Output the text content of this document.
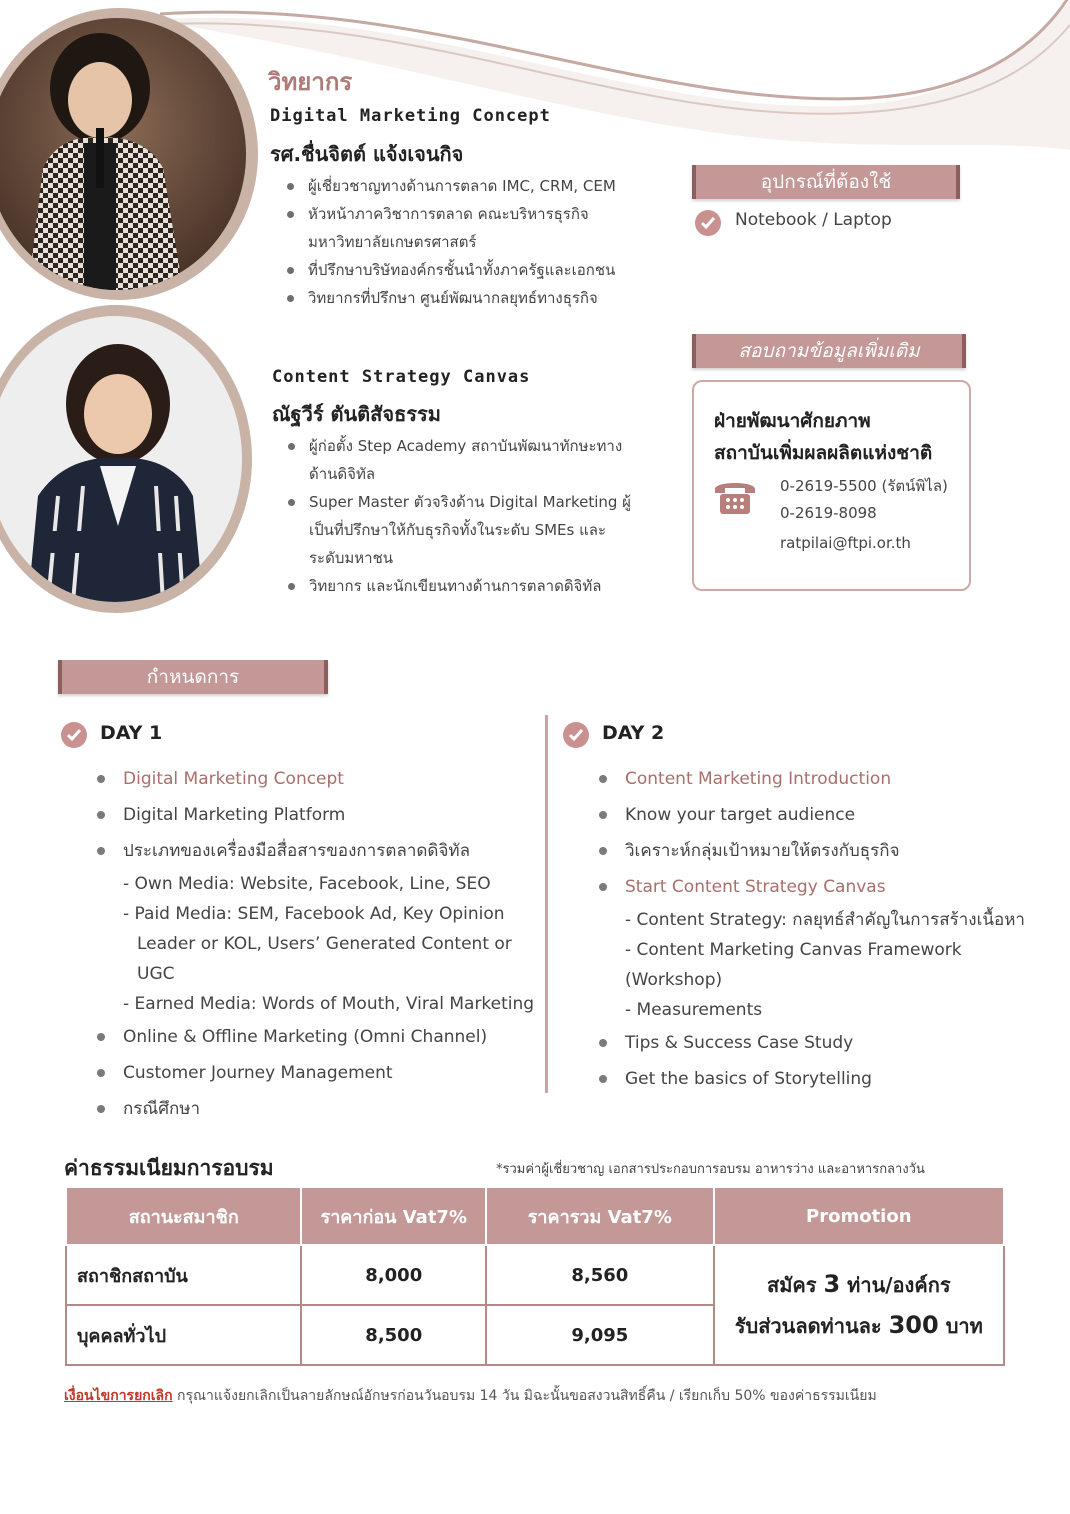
วิทยากร
Digital Marketing Concept
รศ.ชื่นจิตต์ แจ้งเจนกิจ
ผู้เชี่ยวชาญทางด้านการตลาด IMC, CRM, CEM
หัวหน้าภาควิชาการตลาด คณะบริหารธุรกิจ มหาวิทยาลัยเกษตรศาสตร์
ที่ปรึกษาบริษัทองค์กรชั้นนำทั้งภาครัฐและเอกชน
วิทยากรที่ปรึกษา ศูนย์พัฒนากลยุทธ์ทางธุรกิจ
Content Strategy Canvas
ณัฐวีร์ ตันติสัจธรรม
ผู้ก่อตั้ง Step Academy สถาบันพัฒนาทักษะทางด้านดิจิทัล
Super Master ตัวจริงด้าน Digital Marketing ผู้เป็นที่ปรึกษาให้กับธุรกิจทั้งในระดับ SMEs และระดับมหาชน
วิทยากร และนักเขียนทางด้านการตลาดดิจิทัล
อุปกรณ์ที่ต้องใช้
Notebook / Laptop
สอบถามข้อมูลเพิ่มเติม
ฝ่ายพัฒนาศักยภาพ
สถาบันเพิ่มผลผลิตแห่งชาติ
0-2619-5500 (รัตน์พิไล)
0-2619-8098
ratpilai@ftpi.or.th
กำหนดการ
DAY 1
Digital Marketing Concept
Digital Marketing Platform
ประเภทของเครื่องมือสื่อสารของการตลาดดิจิทัล
- Own Media: Website, Facebook, Line, SEO
- Paid Media: SEM, Facebook Ad, Key Opinion
Leader or KOL, Users’ Generated Content or UGC
- Earned Media: Words of Mouth, Viral Marketing
Online & Offline Marketing (Omni Channel)
Customer Journey Management
กรณีศึกษา
DAY 2
Content Marketing Introduction
Know your target audience
วิเคราะห์กลุ่มเป้าหมายให้ตรงกับธุรกิจ
Start Content Strategy Canvas
- Content Strategy: กลยุทธ์สำคัญในการสร้างเนื้อหา
- Content Marketing Canvas Framework (Workshop)
- Measurements
Tips & Success Case Study
Get the basics of Storytelling
ค่าธรรมเนียมการอบรม	*รวมค่าผู้เชี่ยวชาญ เอกสารประกอบการอบรม อาหารว่าง และอาหารกลางวัน
สถานะสมาชิก	ราคาก่อน Vat7%	ราคารวม Vat7%	Promotion
สถาชิกสถาบัน	8,000	8,560	สมัคร 3 ท่าน/องค์กร
รับส่วนลดท่านละ 300 บาท

บุคคลทั่วไป	8,500	9,095	
เงื่อนไขการยกเลิก กรุณาแจ้งยกเลิกเป็นลายลักษณ์อักษรก่อนวันอบรม 14 วัน มิฉะนั้นขอสงวนสิทธิ์คืน / เรียกเก็บ 50% ของค่าธรรมเนียม
